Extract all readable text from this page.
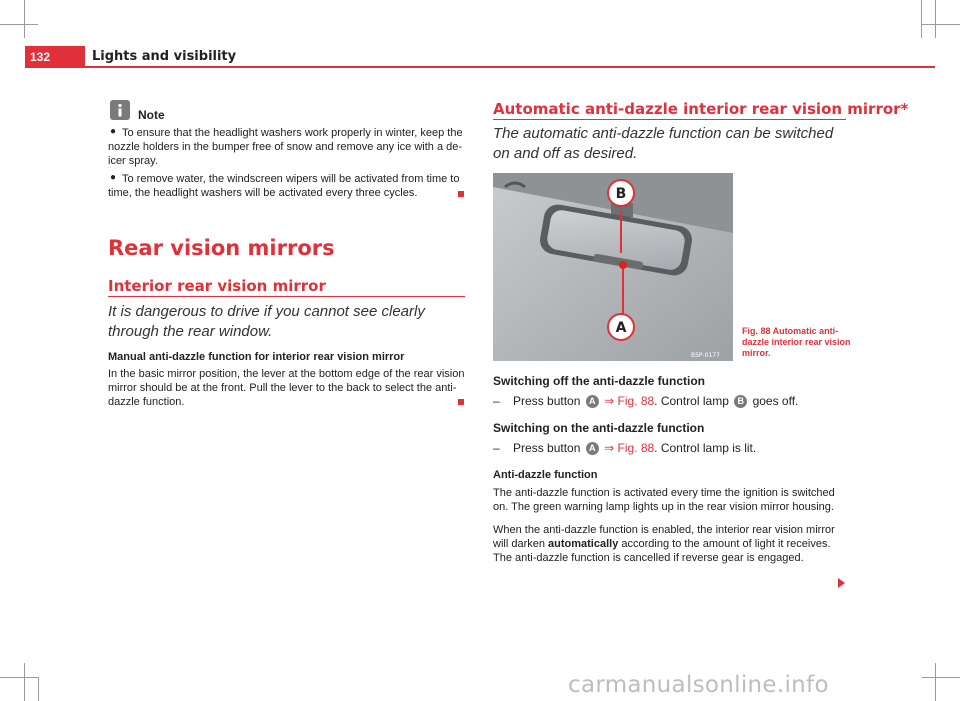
132	Lights and visibility
Note
● To ensure that the headlight washers work properly in winter, keep the nozzle holders in the bumper free of snow and remove any ice with a de-icer spray.
● To remove water, the windscreen wipers will be activated from time to time, the headlight washers will be activated every three cycles.
Rear vision mirrors
Interior rear vision mirror
It is dangerous to drive if you cannot see clearly through the rear window.
Manual anti-dazzle function for interior rear vision mirror
In the basic mirror position, the lever at the bottom edge of the rear vision mirror should be at the front. Pull the lever to the back to select the anti-dazzle function.
Automatic anti-dazzle interior rear vision mirror*
The automatic anti-dazzle function can be switched on and off as desired.
B
A
B5P-0177
Fig. 88 Automatic anti-dazzle interior rear vision mirror.
Switching off the anti-dazzle function
– Press button A ⇒ Fig. 88. Control lamp B goes off.
Switching on the anti-dazzle function
– Press button A ⇒ Fig. 88. Control lamp is lit.
Anti-dazzle function
The anti-dazzle function is activated every time the ignition is switched on. The green warning lamp lights up in the rear vision mirror housing.
When the anti-dazzle function is enabled, the interior rear vision mirror will darken automatically according to the amount of light it receives. The anti-dazzle function is cancelled if reverse gear is engaged.
carmanualsonline.info
